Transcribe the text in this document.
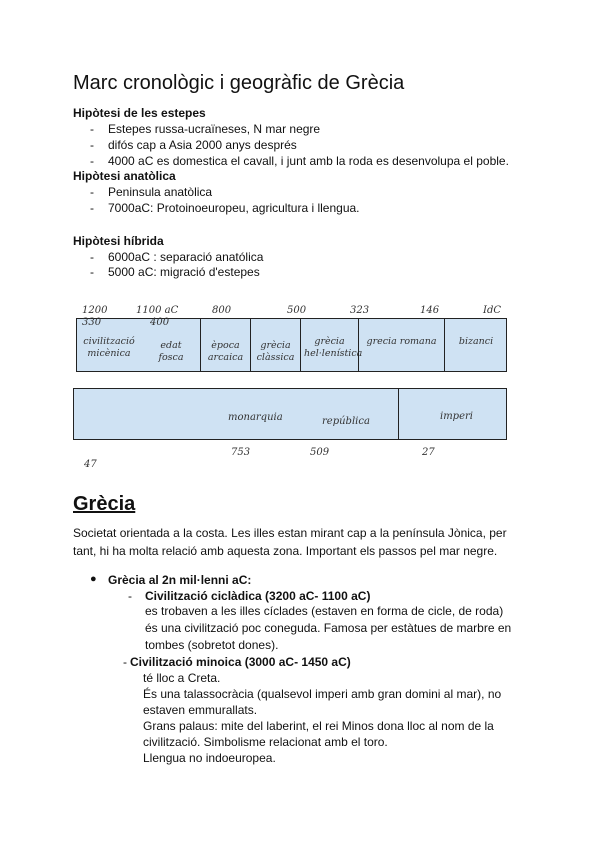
Marc cronològic i geogràfic de Grècia
Hipòtesi de les estepes
- Estepes russa-ucraïneses, N mar negre
- difós cap a Asia 2000 anys després
- 4000 aC es domestica el cavall, i junt amb la roda es desenvolupa el poble.
Hipòtesi anatòlica
- Peninsula anatòlica
- 7000aC: Protoinoeuropeu, agricultura i llengua.
Hipòtesi híbrida
- 6000aC : separació anatólica
- 5000 aC: migració d'estepes
1200	1100 aC	800	500	323	146	IdC
330	400
civilització micènica
edat fosca
època arcaica
grècia clàssica
grècia hel·lenística
grecia romana	bizanci
monarquia	república	imperi
47
753	509	27
Grècia
Societat orientada a la costa. Les illes estan mirant cap a la península Jònica, per tant, hi ha molta relació amb aquesta zona. Important els passos pel mar negre.
● Grècia al 2n mil·lenni aC:
- Civilització ciclàdica (3200 aC- 1100 aC)
es trobaven a les illes cíclades (estaven en forma de cicle, de roda)
és una civilització poc coneguda. Famosa per estàtues de marbre en
tombes (sobretot dones).
- Civilització minoica (3000 aC- 1450 aC)
té lloc a Creta.
És una talassocràcia (qualsevol imperi amb gran domini al mar), no
estaven emmurallats.
Grans palaus: mite del laberint, el rei Minos dona lloc al nom de la
civilització. Simbolisme relacionat amb el toro.
Llengua no indoeuropea.
